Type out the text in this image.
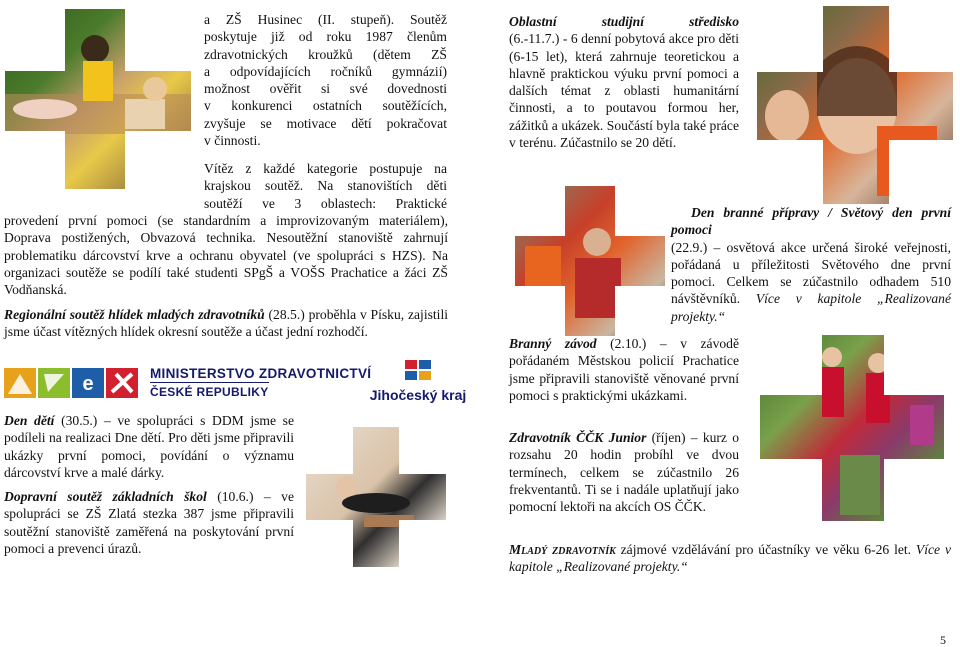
a ZŠ Husinec (II. stupeň). Soutěž
poskytuje již od roku 1987 členům
zdravotnických kroužků (dětem ZŠ
a odpovídajících ročníků gymnázií)
možnost ověřit si své dovednosti
v konkurenci ostatních soutěžících,
zvyšuje se motivace dětí pokračovat
v činnosti.
Vítěz z každé kategorie postupuje na
krajskou soutěž. Na stanovištích děti
soutěží ve 3 oblastech: Praktické
provedení první pomoci (se standardním a improvizovaným materiálem), Doprava postižených, Obvazová technika. Nesoutěžní stanoviště zahrnují problematiku dárcovství krve a ochranu obyvatel (ve spolupráci s HZS). Na organizaci soutěže se podílí také studenti SPgŠ a VOŠS Prachatice a žáci ZŠ Vodňanská.
Regionální soutěž hlídek mladých zdravotníků (28.5.) proběhla v Písku, zajistili jsme účast vítězných hlídek okresní soutěže a účast jední rozhodčí.
e	MINISTERSTVO ZDRAVOTNICTVÍ
ČESKÉ REPUBLIKY	Jihočeský kraj
Den dětí (30.5.) – ve spolupráci s DDM jsme se podíleli na realizaci Dne dětí. Pro děti jsme připravili ukázky první pomoci, povídání o významu dárcovství krve a malé dárky.
Dopravní soutěž základních škol (10.6.) – ve spolupráci se ZŠ Zlatá stezka 387 jsme připravili soutěžní stanoviště zaměřená na poskytování první pomoci a prevenci úrazů.
Oblastní studijní středisko (6.-11.7.) - 6 denní pobytová akce pro děti (6-15 let), která zahrnuje teoretickou a hlavně praktickou výuku první pomoci a dalších témat z oblasti humanitární činnosti, a to poutavou formou her, zážitků a ukázek. Součástí byla také práce v terénu. Zúčastnilo se 20 dětí.
Den branné přípravy / Světový den první pomoci
(22.9.) – osvětová akce určená široké veřejnosti, pořádaná u příležitosti Světového dne první pomoci. Celkem se zúčastnilo odhadem 510 návštěvníků. Více v kapitole „Realizované projekty.“
Branný závod (2.10.) – v závodě pořádaném Městskou policií Prachatice jsme připravili stanoviště věnované první pomoci s praktickými ukázkami.
Zdravotník ČČK Junior (říjen) – kurz o rozsahu 20 hodin probíhl ve dvou termínech, celkem se zúčastnilo 26 frekventantů. Ti se i nadále uplatňují jako pomocní lektoři na akcích OS ČČK.
Mladý zdravotník zájmové vzdělávání pro účastníky ve věku 6-26 let. Více v kapitole „Realizované projekty.“
5
